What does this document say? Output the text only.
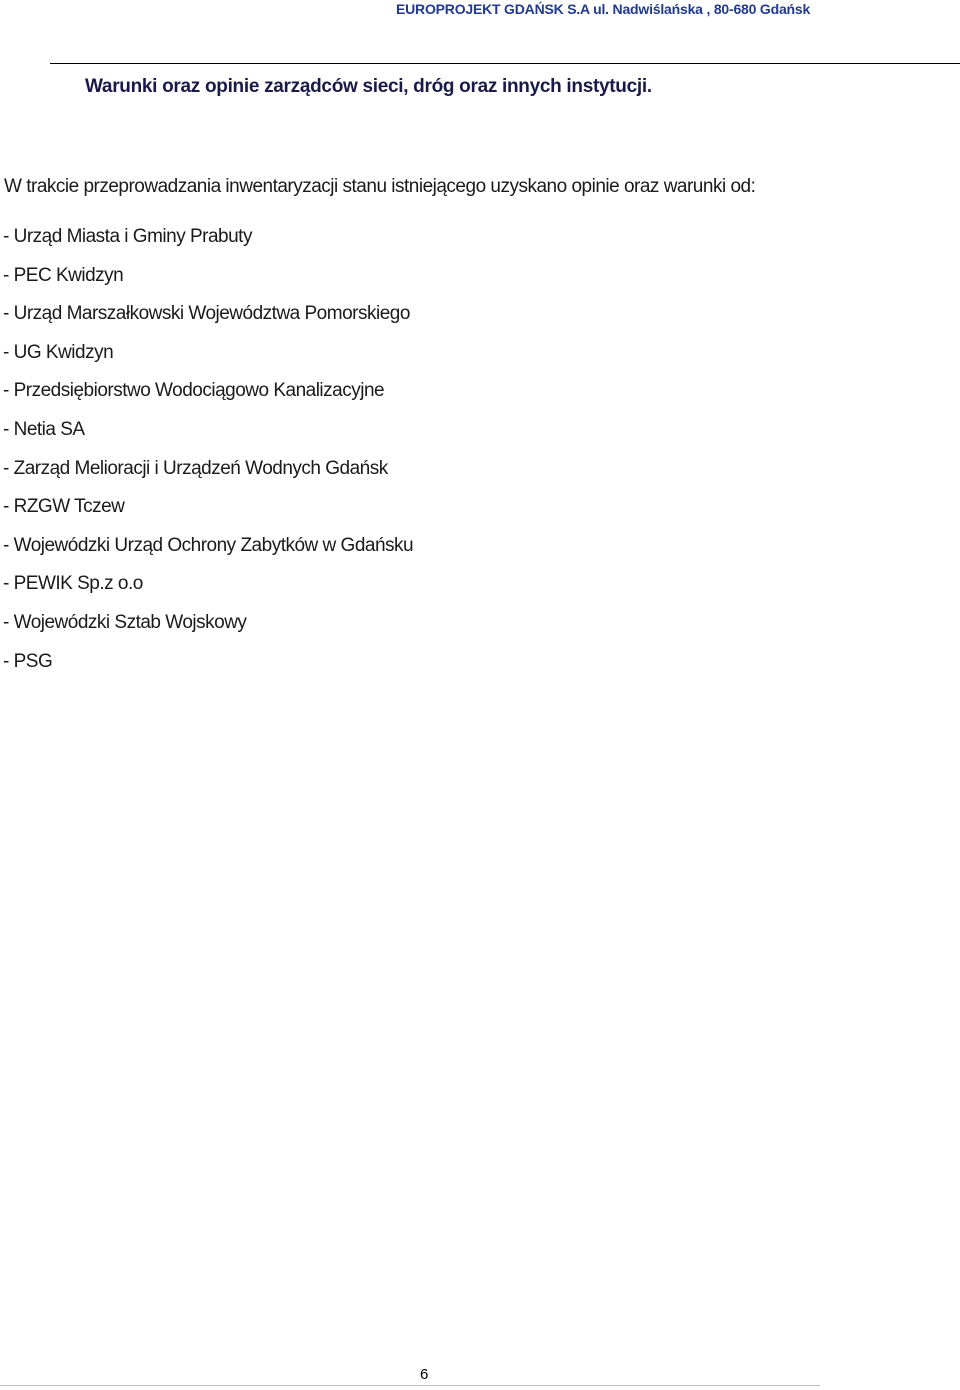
EUROPROJEKT GDAŃSK S.A ul. Nadwiślańska , 80-680 Gdańsk
Warunki oraz opinie zarządców sieci, dróg oraz innych instytucji.
W trakcie przeprowadzania inwentaryzacji stanu istniejącego uzyskano opinie oraz warunki od:
- Urząd Miasta i Gminy Prabuty
- PEC Kwidzyn
- Urząd Marszałkowski Województwa Pomorskiego
- UG Kwidzyn
- Przedsiębiorstwo Wodociągowo Kanalizacyjne
- Netia SA
- Zarząd Melioracji i Urządzeń Wodnych Gdańsk
- RZGW Tczew
- Wojewódzki Urząd Ochrony Zabytków w Gdańsku
- PEWIK Sp.z o.o
- Wojewódzki Sztab Wojskowy
- PSG
6
